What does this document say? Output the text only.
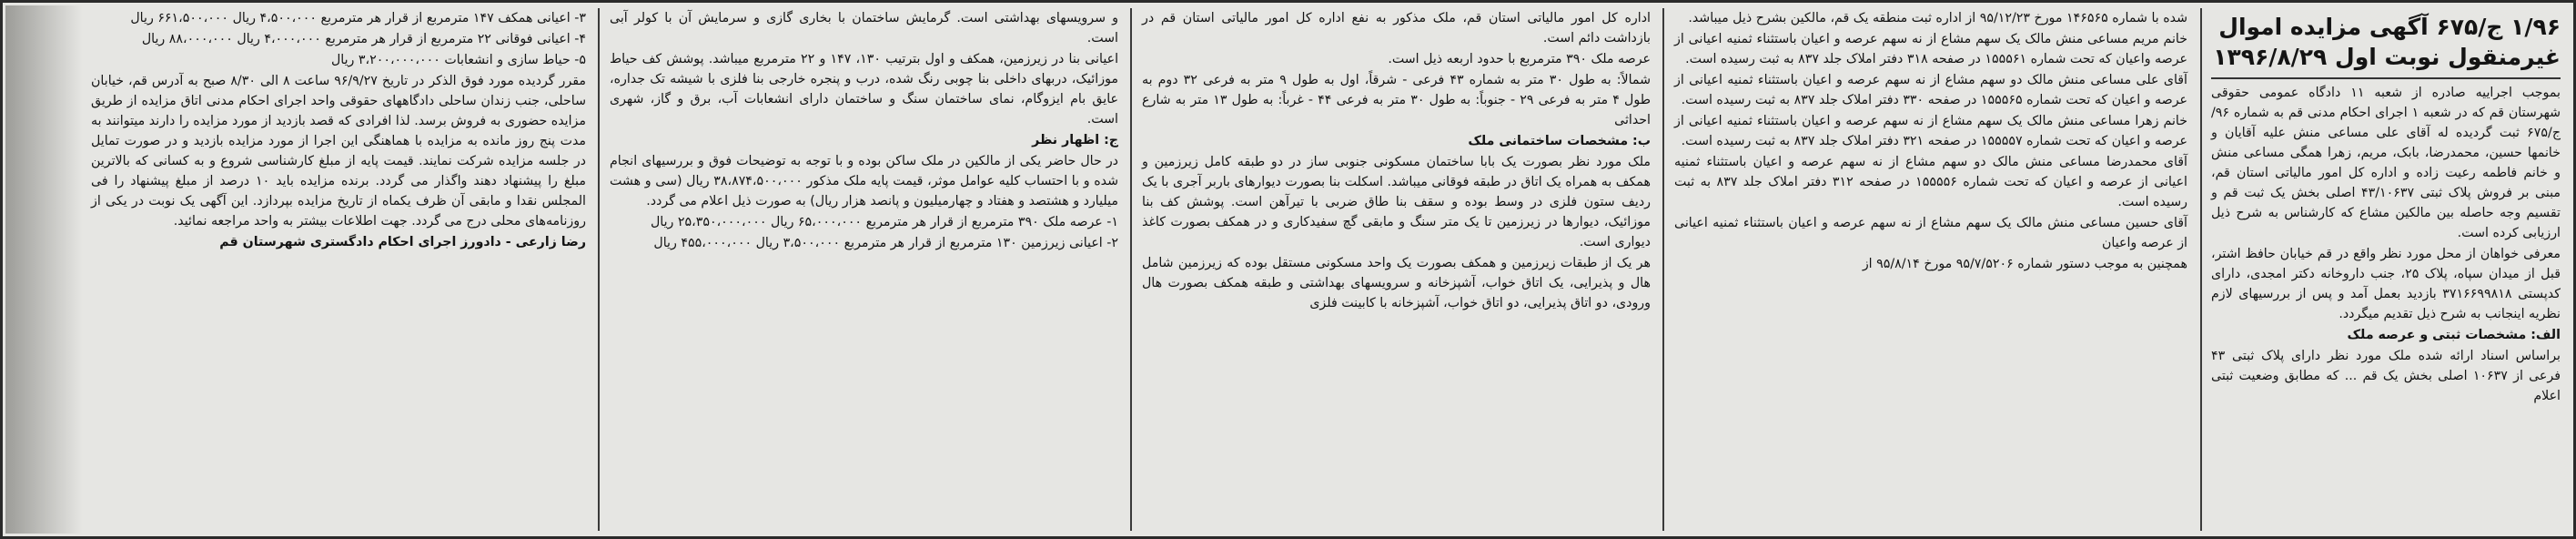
۱/۹۶ ج/۶۷۵ آگهی مزایده اموال غیرمنقول نوبت اول ۱۳۹۶/۸/۲۹

بموجب اجراییه صادره از شعبه ۱۱ دادگاه عمومی حقوقی شهرستان قم که در شعبه ۱ اجرای احکام مدنی قم به شماره ۹۶/ج/۶۷۵ ثبت گردیده له آقای علی مساعی منش علیه آقایان و خانمها حسین، محمدرضا، بابک، مریم، زهرا همگی مساعی منش و خانم فاطمه رعیت زاده و اداره کل امور مالیاتی استان قم، مبنی بر فروش پلاک ثبتی ۴۳/۱۰۶۳۷ اصلی بخش یک ثبت قم و تقسیم وجه حاصله بین مالکین مشاع که کارشناس به شرح ذیل ارزیابی کرده است.

معرفی خواهان از محل مورد نظر واقع در قم خیابان حافظ اشتر، قبل از میدان سپاه، پلاک ۲۵، جنب داروخانه دکتر امجدی، دارای کدپستی ۳۷۱۶۶۹۹۸۱۸ بازدید بعمل آمد و پس از بررسیهای لازم نظریه اینجانب به شرح ذیل تقدیم میگردد.

الف: مشخصات ثبتی و عرصه ملک

براساس اسناد ارائه شده ملک مورد نظر دارای پلاک ثبتی ۴۳ فرعی از ۱۰۶۳۷ اصلی بخش یک قم ... که مطابق وضعیت ثبتی اعلام

شده با شماره ۱۴۶۵۶۵ مورخ ۹۵/۱۲/۲۳ از اداره ثبت منطقه یک قم، مالکین بشرح ذیل میباشد.

خانم مریم مساعی منش مالک یک سهم مشاع از نه سهم عرصه و اعیان باستثناء ثمنیه اعیانی از عرصه واعیان که تحت شماره ۱۵۵۵۶۱ در صفحه ۳۱۸ دفتر املاک جلد ۸۳۷ به ثبت رسیده است.

آقای علی مساعی منش مالک دو سهم مشاع از نه سهم عرصه و اعیان باستثناء ثمنیه اعیانی از عرصه و اعیان که تحت شماره ۱۵۵۵۶۵ در صفحه ۳۳۰ دفتر املاک جلد ۸۳۷ به ثبت رسیده است.

خانم زهرا مساعی منش مالک یک سهم مشاع از نه سهم عرصه و اعیان باستثناء ثمنیه اعیانی از عرصه و اعیان که تحت شماره ۱۵۵۵۵۷ در صفحه ۳۲۱ دفتر املاک جلد ۸۳۷ به ثبت رسیده است.

آقای محمدرضا مساعی منش مالک دو سهم مشاع از نه سهم عرصه و اعیان باستثناء ثمنیه اعیانی از عرصه و اعیان که تحت شماره ۱۵۵۵۵۶ در صفحه ۳۱۲ دفتر املاک جلد ۸۳۷ به ثبت رسیده است.

آقای حسین مساعی منش مالک یک سهم مشاع از نه سهم عرصه و اعیان باستثناء ثمنیه اعیانی از عرصه واعیان

همچنین به موجب دستور شماره ۹۵/۷/۵۲۰۶ مورخ ۹۵/۸/۱۴ از

اداره کل امور مالیاتی استان قم، ملک مذکور به نفع اداره کل امور مالیاتی استان قم در بازداشت دائم است.

عرصه ملک ۳۹۰ مترمربع با حدود اربعه ذیل است.

شمالاً: به طول ۳۰ متر به شماره ۴۳ فرعی - شرقاً، اول به طول ۹ متر به فرعی ۳۲ دوم به طول ۴ متر به فرعی ۲۹ - جنوباً: به طول ۳۰ متر به فرعی ۴۴ - غرباً: به طول ۱۳ متر به شارع احداثی

ب: مشخصات ساختمانی ملک

ملک مورد نظر بصورت یک بابا ساختمان مسکونی جنوبی ساز در دو طبقه کامل زیرزمین و همکف به همراه یک اتاق در طبقه فوقانی میباشد. اسکلت بنا بصورت دیوارهای باربر آجری با یک ردیف ستون فلزی در وسط بوده و سقف بنا طاق ضربی با تیرآهن است. پوشش کف بنا موزائیک، دیوارها در زیرزمین تا یک متر سنگ و مابقی گچ سفیدکاری و در همکف بصورت کاغذ دیواری است.

هر یک از طبقات زیرزمین و همکف بصورت یک واحد مسکونی مستقل بوده که زیرزمین شامل هال و پذیرایی، یک اتاق خواب، آشپزخانه و سرویسهای بهداشتی و طبقه همکف بصورت هال ورودی، دو اتاق پذیرایی، دو اتاق خواب، آشپزخانه با کابینت فلزی

و سرویسهای بهداشتی است. گرمایش ساختمان با بخاری گازی و سرمایش آن با کولر آبی است.

اعیانی بنا در زیرزمین، همکف و اول بترتیب ۱۳۰، ۱۴۷ و ۲۲ مترمربع میباشد. پوشش کف حیاط موزائیک، دربهای داخلی بنا چوبی رنگ شده، درب و پنجره خارجی بنا فلزی با شیشه تک جداره، عایق بام ایزوگام، نمای ساختمان سنگ و ساختمان دارای انشعابات آب، برق و گاز، شهری است.

ج: اظهار نظر

در حال حاضر یکی از مالکین در ملک ساکن بوده و با توجه به توضیحات فوق و بررسیهای انجام شده و با احتساب کلیه عوامل موثر، قیمت پایه ملک مذکور ۳۸،۸۷۴،۵۰۰،۰۰۰ ریال (سی و هشت میلیارد و هشتصد و هفتاد و چهارمیلیون و پانصد هزار ریال) به صورت ذیل اعلام می گردد.

۱- عرصه ملک ۳۹۰ مترمربع از قرار هر مترمربع ۶۵،۰۰۰،۰۰۰ ریال ۲۵،۳۵۰،۰۰۰،۰۰۰ ریال

۲- اعیانی زیرزمین ۱۳۰ مترمربع از قرار هر مترمربع ۳،۵۰۰،۰۰۰ ریال ۴۵۵،۰۰۰،۰۰۰ ریال

۳- اعیانی همکف ۱۴۷ مترمربع از قرار هر مترمربع ۴،۵۰۰،۰۰۰ ریال ۶۶۱،۵۰۰،۰۰۰ ریال

۴- اعیانی فوقانی ۲۲ مترمربع از قرار هر مترمربع ۴،۰۰۰،۰۰۰ ریال ۸۸،۰۰۰،۰۰۰ ریال

۵- حیاط سازی و انشعابات ۳،۲۰۰،۰۰۰،۰۰۰ ریال

مقرر گردیده مورد فوق الذکر در تاریخ ۹۶/۹/۲۷ ساعت ۸ الی ۸/۳۰ صبح به آدرس قم، خیابان ساحلی، جنب زندان ساحلی دادگاههای حقوقی واحد اجرای احکام مدنی اتاق مزایده از طریق مزایده حضوری به فروش برسد. لذا افرادی که قصد بازدید از مورد مزایده را دارند میتوانند به مدت پنج روز مانده به مزایده با هماهنگی این اجرا از مورد مزایده بازدید و در صورت تمایل در جلسه مزایده شرکت نمایند. قیمت پایه از مبلغ کارشناسی شروع و به کسانی که بالاترین مبلغ را پیشنهاد دهند واگذار می گردد. برنده مزایده باید ۱۰ درصد از مبلغ پیشنهاد را فی المجلس نقدا و مابقی آن ظرف یکماه از تاریخ مزایده بپردازد. این آگهی یک نوبت در یکی از روزنامه‌های محلی درج می گردد. جهت اطلاعات بیشتر به واحد مراجعه نمائید.

رضا زارعی - دادورز اجرای احکام دادگستری شهرستان قم
